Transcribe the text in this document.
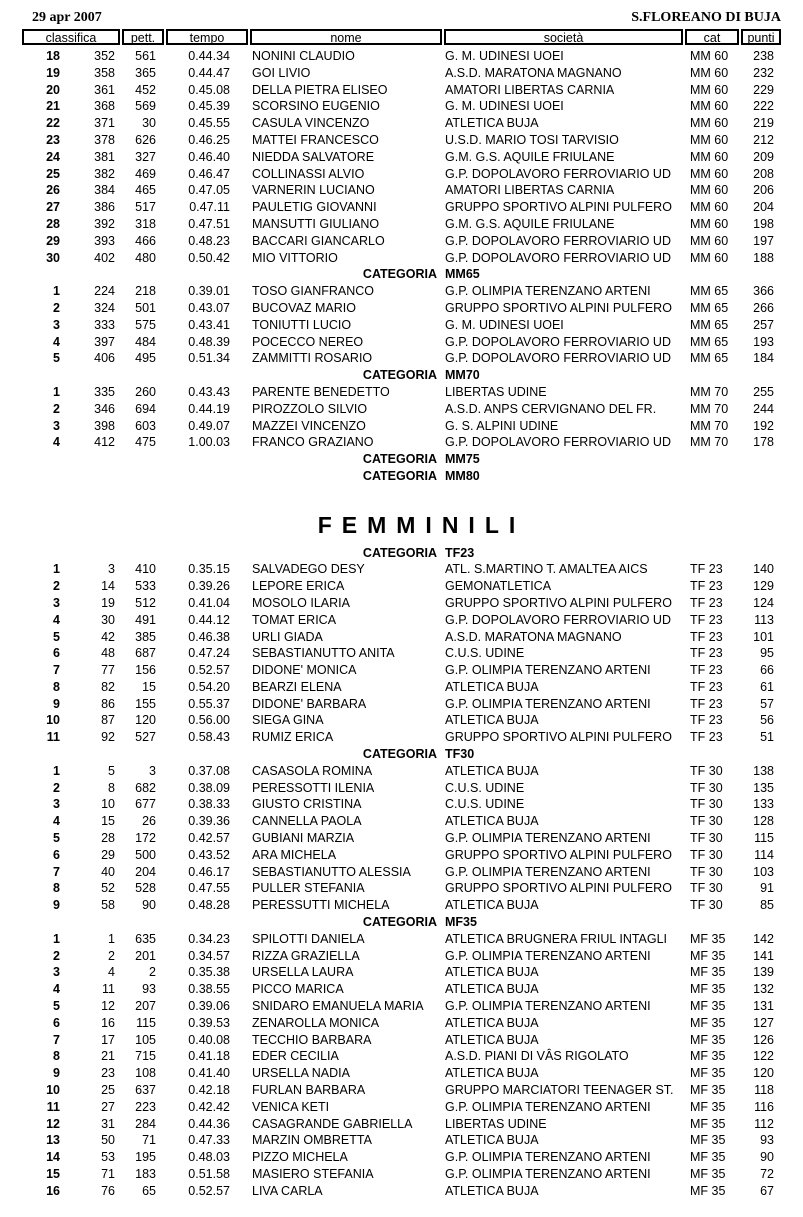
29 apr 2007	S.FLOREANO DI BUJA
classifica	pett.	tempo	nome	società	cat	punti
18	352 561	0.44.34 NONINI CLAUDIO	G. M. UDINESI UOEI	MM 60 238
19	358 365	0.44.47 GOI LIVIO	A.S.D. MARATONA MAGNANO	MM 60 232
20	361 452	0.45.08 DELLA PIETRA ELISEO	AMATORI LIBERTAS CARNIA	MM 60 229
21	368 569	0.45.39 SCORSINO EUGENIO	G. M. UDINESI UOEI	MM 60 222
22	371 30	0.45.55 CASULA VINCENZO	ATLETICA BUJA	MM 60 219
23	378 626	0.46.25 MATTEI FRANCESCO	U.S.D. MARIO TOSI TARVISIO	MM 60 212
24	381 327	0.46.40 NIEDDA SALVATORE	G.M. G.S. AQUILE FRIULANE	MM 60 209
25	382 469	0.46.47 COLLINASSI ALVIO	G.P. DOPOLAVORO FERROVIARIO UD MM 60 208
26	384 465	0.47.05 VARNERIN LUCIANO	AMATORI LIBERTAS CARNIA	MM 60 206
27	386 517	0.47.11 PAULETIG GIOVANNI	GRUPPO SPORTIVO ALPINI PULFERO MM 60 204
28	392 318	0.47.51 MANSUTTI GIULIANO	G.M. G.S. AQUILE FRIULANE	MM 60 198
29	393 466	0.48.23 BACCARI GIANCARLO	G.P. DOPOLAVORO FERROVIARIO UD MM 60 197
30	402 480	0.50.42 MIO VITTORIO	G.P. DOPOLAVORO FERROVIARIO UD MM 60 188
CATEGORIA MM65
1	224 218	0.39.01 TOSO GIANFRANCO	G.P. OLIMPIA TERENZANO ARTENI	MM 65 366
2	324 501	0.43.07 BUCOVAZ MARIO	GRUPPO SPORTIVO ALPINI PULFERO MM 65 266
3	333 575	0.43.41 TONIUTTI LUCIO	G. M. UDINESI UOEI	MM 65 257
4	397 484	0.48.39 POCECCO NEREO	G.P. DOPOLAVORO FERROVIARIO UD MM 65 193
5	406 495	0.51.34 ZAMMITTI ROSARIO	G.P. DOPOLAVORO FERROVIARIO UD MM 65 184
CATEGORIA MM70
1	335 260	0.43.43 PARENTE BENEDETTO	LIBERTAS UDINE	MM 70 255
2	346 694	0.44.19 PIROZZOLO SILVIO	A.S.D. ANPS CERVIGNANO DEL FR.	MM 70 244
3	398 603	0.49.07 MAZZEI VINCENZO	G. S. ALPINI UDINE	MM 70 192
4	412 475	1.00.03 FRANCO GRAZIANO	G.P. DOPOLAVORO FERROVIARIO UD MM 70 178
CATEGORIA MM75
CATEGORIA MM80
FEMMINILI
CATEGORIA TF23
1	3 410	0.35.15 SALVADEGO DESY	ATL. S.MARTINO T. AMALTEA AICS	TF 23 140
2	14 533	0.39.26 LEPORE ERICA	GEMONATLETICA	TF 23 129
3	19 512	0.41.04 MOSOLO ILARIA	GRUPPO SPORTIVO ALPINI PULFERO TF 23 124
4	30 491	0.44.12 TOMAT ERICA	G.P. DOPOLAVORO FERROVIARIO UD TF 23	113
5	42 385	0.46.38 URLI GIADA	A.S.D. MARATONA MAGNANO	TF 23 101
6	48 687	0.47.24 SEBASTIANUTTO ANITA	C.U.S. UDINE	TF 23	95
7	77 156	0.52.57 DIDONE' MONICA	G.P. OLIMPIA TERENZANO ARTENI	TF 23	66
8	82 15	0.54.20 BEARZI ELENA	ATLETICA BUJA	TF 23	61
9	86 155	0.55.37 DIDONE' BARBARA	G.P. OLIMPIA TERENZANO ARTENI	TF 23	57
10	87 120	0.56.00 SIEGA GINA	ATLETICA BUJA	TF 23	56
11	92 527	0.58.43 RUMIZ ERICA	GRUPPO SPORTIVO ALPINI PULFERO TF 23	51
CATEGORIA TF30
1	5	3	0.37.08 CASASOLA ROMINA	ATLETICA BUJA	TF 30 138
2	8 682	0.38.09 PERESSOTTI ILENIA	C.U.S. UDINE	TF 30 135
3	10 677	0.38.33 GIUSTO CRISTINA	C.U.S. UDINE	TF 30 133
4	15 26	0.39.36 CANNELLA PAOLA	ATLETICA BUJA	TF 30 128
5	28 172	0.42.57 GUBIANI MARZIA	G.P. OLIMPIA TERENZANO ARTENI	TF 30	115
6	29 500	0.43.52 ARA MICHELA	GRUPPO SPORTIVO ALPINI PULFERO TF 30	114
7	40 204	0.46.17 SEBASTIANUTTO ALESSIA	G.P. OLIMPIA TERENZANO ARTENI	TF 30 103
8	52 528	0.47.55 PULLER STEFANIA	GRUPPO SPORTIVO ALPINI PULFERO TF 30	91
9	58 90	0.48.28 PERESSUTTI MICHELA	ATLETICA BUJA	TF 30	85
CATEGORIA MF35
1	1 635	0.34.23 SPILOTTI DANIELA	ATLETICA BRUGNERA FRIUL INTAGLI MF 35 142
2	2 201	0.34.57 RIZZA GRAZIELLA	G.P. OLIMPIA TERENZANO ARTENI	MF 35 141
3	4	2	0.35.38 URSELLA LAURA	ATLETICA BUJA	MF 35 139
4	11 93	0.38.55 PICCO MARICA	ATLETICA BUJA	MF 35 132
5	12 207	0.39.06 SNIDARO EMANUELA MARIA G.P. OLIMPIA TERENZANO ARTENI	MF 35 131
6	16 115	0.39.53 ZENAROLLA MONICA	ATLETICA BUJA	MF 35 127
7	17 105	0.40.08 TECCHIO BARBARA	ATLETICA BUJA	MF 35 126
8	21 715	0.41.18 EDER CECILIA	A.S.D. PIANI DI VÂS RIGOLATO	MF 35 122
9	23 108	0.41.40 URSELLA NADIA	ATLETICA BUJA	MF 35 120
10	25 637	0.42.18 FURLAN BARBARA	GRUPPO MARCIATORI TEENAGER ST. MF 35 118
11	27 223	0.42.42 VENICA KETI	G.P. OLIMPIA TERENZANO ARTENI	MF 35 116
12	31 284	0.44.36 CASAGRANDE GABRIELLA	LIBERTAS UDINE	MF 35 112
13	50 71	0.47.33 MARZIN OMBRETTA	ATLETICA BUJA	MF 35	93
14	53 195	0.48.03 PIZZO MICHELA	G.P. OLIMPIA TERENZANO ARTENI	MF 35	90
15	71 183	0.51.58 MASIERO STEFANIA	G.P. OLIMPIA TERENZANO ARTENI	MF 35	72
16	76 65	0.52.57 LIVA CARLA	ATLETICA BUJA	MF 35	67
